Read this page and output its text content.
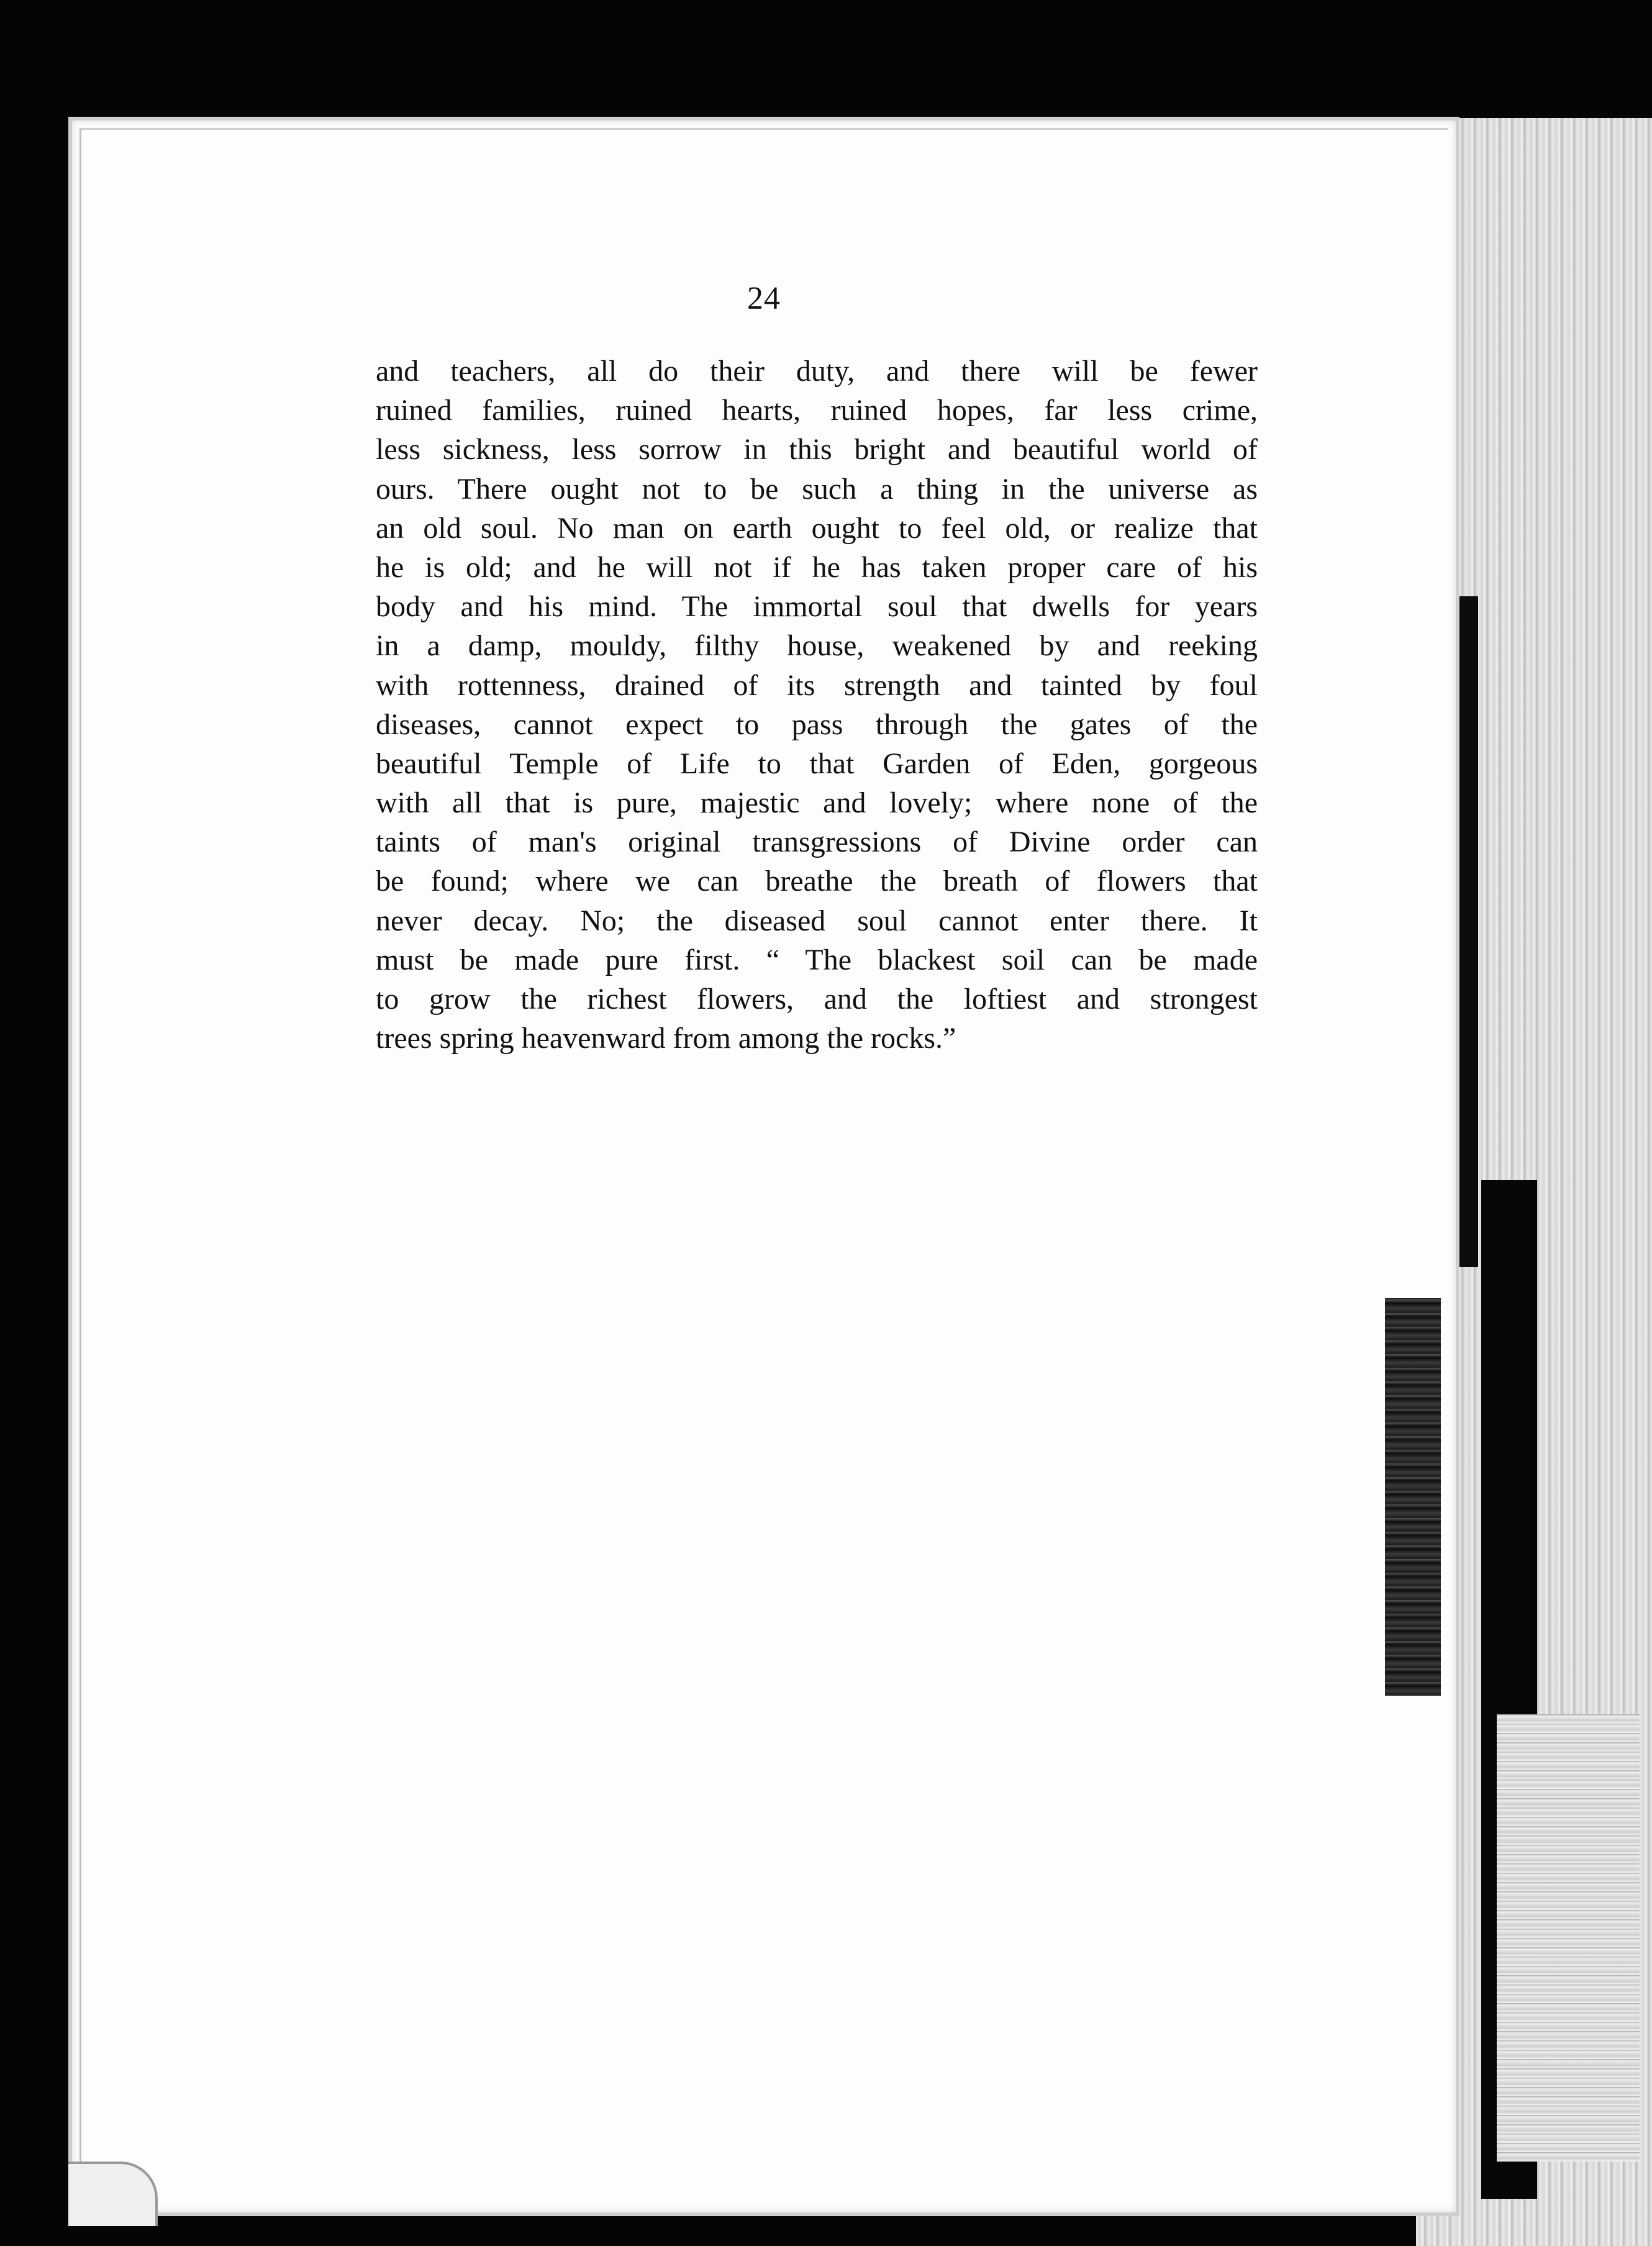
24
and teachers, all do their duty, and there will be fewer
ruined families, ruined hearts, ruined hopes, far less crime,
less sickness, less sorrow in this bright and beautiful world of
ours. There ought not to be such a thing in the universe as
an old soul. No man on earth ought to feel old, or realize that
he is old; and he will not if he has taken proper care of his
body and his mind. The immortal soul that dwells for years
in a damp, mouldy, filthy house, weakened by and reeking
with rottenness, drained of its strength and tainted by foul
diseases, cannot expect to pass through the gates of the
beautiful Temple of Life to that Garden of Eden, gorgeous
with all that is pure, majestic and lovely; where none of the
taints of man's original transgressions of Divine order can
be found; where we can breathe the breath of flowers that
never decay. No; the diseased soul cannot enter there. It
must be made pure first. “ The blackest soil can be made
to grow the richest flowers, and the loftiest and strongest
trees spring heavenward from among the rocks.”
